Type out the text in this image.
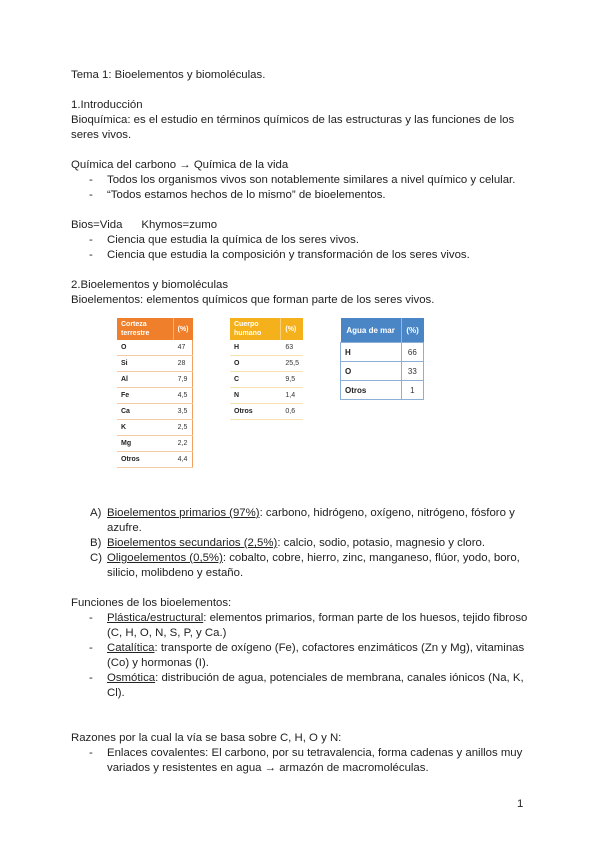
Tema 1: Bioelementos y biomoléculas.

1.Introducción

Bioquímica: es el estudio en términos químicos de las estructuras y las funciones de los seres vivos.

Química del carbono → Química de la vida

- Todos los organismos vivos son notablemente similares a nivel químico y celular.
- “Todos estamos hechos de lo mismo” de bioelementos.

Bios=Vida      Khymos=zumo

- Ciencia que estudia la química de los seres vivos.
- Ciencia que estudia la composición y transformación de los seres vivos.

2.Bioelementos y biomoléculas

Bioelementos: elementos químicos que forman parte de los seres vivos.

Corteza terrestre	(%)
O	47
Si	28
Al	7,9
Fe	4,5
Ca	3,5
K	2,5
Mg	2,2
Otros	4,4
Cuerpo humano	(%)
H	63
O	25,5
C	9,5
N	1,4
Otros	0,6
Agua de mar	(%)
H	66
O	33
Otros	1
A) Bioelementos primarios (97%): carbono, hidrógeno, oxígeno, nitrógeno, fósforo y azufre.
B) Bioelementos secundarios (2,5%): calcio, sodio, potasio, magnesio y cloro.
C) Oligoelementos (0,5%): cobalto, cobre, hierro, zinc, manganeso, flúor, yodo, boro, silicio, molibdeno y estaño.

Funciones de los bioelementos:

- Plástica/estructural: elementos primarios, forman parte de los huesos, tejido fibroso (C, H, O, N, S, P, y Ca.)
- Catalítica: transporte de oxígeno (Fe), cofactores enzimáticos (Zn y Mg), vitaminas (Co) y hormonas (I).
- Osmótica: distribución de agua, potenciales de membrana, canales iónicos (Na, K, Cl).

Razones por la cual la vía se basa sobre C, H, O y N:

- Enlaces covalentes: El carbono, por su tetravalencia, forma cadenas y anillos muy variados y resistentes en agua → armazón de macromoléculas.
1
